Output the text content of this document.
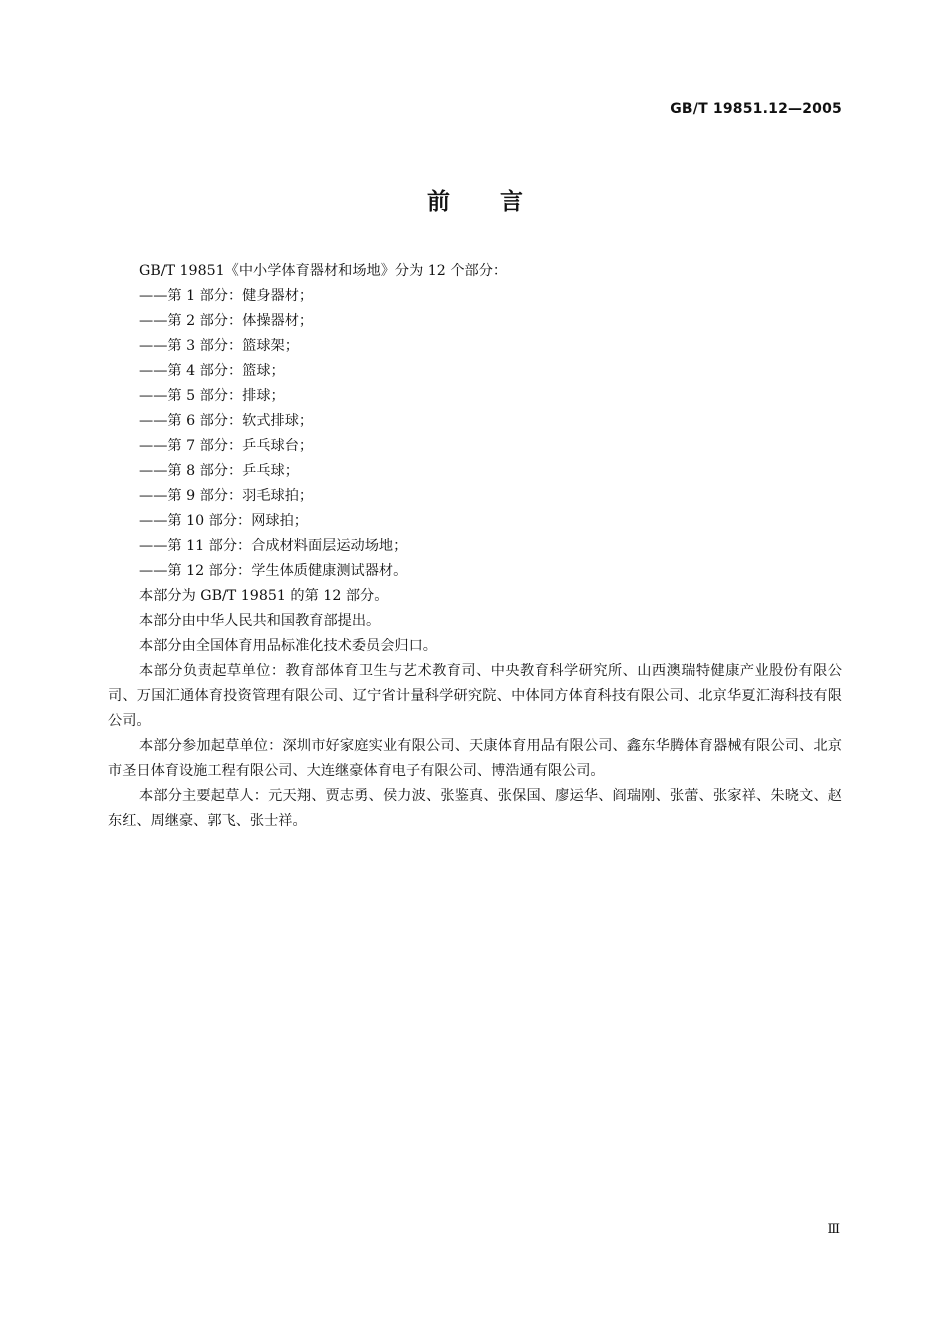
GB/T 19851.12—2005
前言

GB/T 19851《中小学体育器材和场地》分为 12 个部分：

——第 1 部分：健身器材；
——第 2 部分：体操器材；
——第 3 部分：篮球架；
——第 4 部分：篮球；
——第 5 部分：排球；
——第 6 部分：软式排球；
——第 7 部分：乒乓球台；
——第 8 部分：乒乓球；
——第 9 部分：羽毛球拍；
——第 10 部分：网球拍；
——第 11 部分：合成材料面层运动场地；
——第 12 部分：学生体质健康测试器材。

本部分为 GB/T 19851 的第 12 部分。

本部分由中华人民共和国教育部提出。

本部分由全国体育用品标准化技术委员会归口。

本部分负责起草单位：教育部体育卫生与艺术教育司、中央教育科学研究所、山西澳瑞特健康产业股份有限公司、万国汇通体育投资管理有限公司、辽宁省计量科学研究院、中体同方体育科技有限公司、北京华夏汇海科技有限公司。

本部分参加起草单位：深圳市好家庭实业有限公司、天康体育用品有限公司、鑫东华腾体育器械有限公司、北京市圣日体育设施工程有限公司、大连继豪体育电子有限公司、博浩通有限公司。

本部分主要起草人：元天翔、贾志勇、侯力波、张鉴真、张保国、廖运华、阎瑞刚、张蕾、张家祥、朱晓文、赵东红、周继豪、郭飞、张士祥。

Ⅲ
